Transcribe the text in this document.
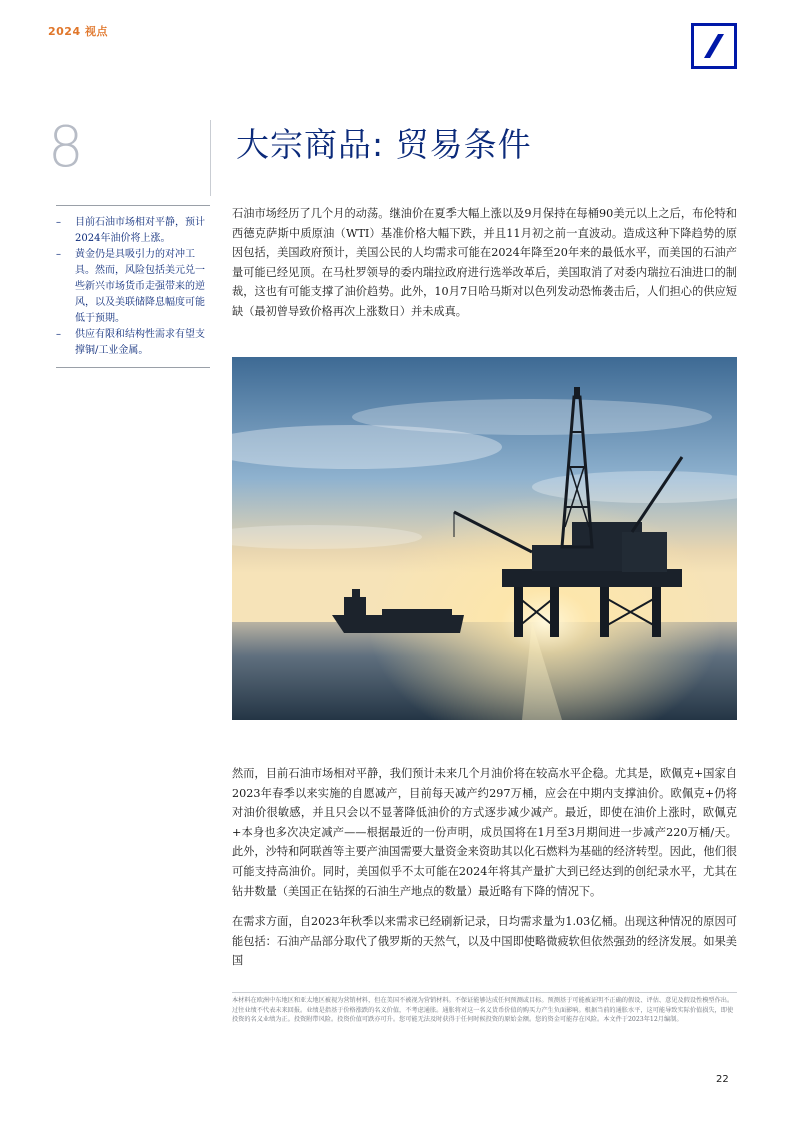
2024 视点
8	大宗商品: 贸易条件
– 目前石油市场相对平静，预计2024年油价将上涨。
– 黄金仍是具吸引力的对冲工具。然而，风险包括美元兑一些新兴市场货币走强带来的逆风，以及美联储降息幅度可能低于预期。
– 供应有限和结构性需求有望支撑铜/工业金属。
石油市场经历了几个月的动荡。继油价在夏季大幅上涨以及9月保持在每桶90美元以上之后，布伦特和西德克萨斯中质原油（WTI）基准价格大幅下跌，并且11月初之前一直波动。造成这种下降趋势的原因包括，美国政府预计，美国公民的人均需求可能在2024年降至20年来的最低水平，而美国的石油产量可能已经见顶。在马杜罗领导的委内瑞拉政府进行选举改革后，美国取消了对委内瑞拉石油进口的制裁，这也有可能支撑了油价趋势。此外，10月7日哈马斯对以色列发动恐怖袭击后，人们担心的供应短缺（最初曾导致价格再次上涨数日）并未成真。
然而，目前石油市场相对平静，我们预计未来几个月油价将在较高水平企稳。尤其是，欧佩克+国家自2023年春季以来实施的自愿减产，目前每天减产约297万桶，应会在中期内支撑油价。欧佩克+仍将对油价很敏感，并且只会以不显著降低油价的方式逐步减少减产。最近，即使在油价上涨时，欧佩克+本身也多次决定减产——根据最近的一份声明，成员国将在1月至3月期间进一步减产220万桶/天。此外，沙特和阿联酋等主要产油国需要大量资金来资助其以化石燃料为基础的经济转型。因此，他们很可能支持高油价。同时，美国似乎不太可能在2024年将其产量扩大到已经达到的创纪录水平，尤其在钻井数量（美国正在钻探的石油生产地点的数量）最近略有下降的情况下。
在需求方面，自2023年秋季以来需求已经刷新记录，日均需求量为1.03亿桶。出现这种情况的原因可能包括：石油产品部分取代了俄罗斯的天然气，以及中国即使略微疲软但依然强劲的经济发展。如果美国
本材料在欧洲中东地区和亚太地区被视为营销材料，但在美国不被视为营销材料。不保证能够达成任何预测或目标。预测基于可能被证明不正确的假设、评估、意见及假设性模型作出。过往业绩不代表未来回报。业绩是指基于价格涨跌的名义价值，不考虑通胀。通胀将对这一名义货币价值的购买力产生负面影响。根据当前的通胀水平，这可能导致实际价值损失，即使投资的名义业绩为正。投资附带风险。投资价值可跌亦可升。您可能无法及时获得于任何时候投资的原始金额。您的资金可能存在风险。本文件于2023年12月编制。
22
